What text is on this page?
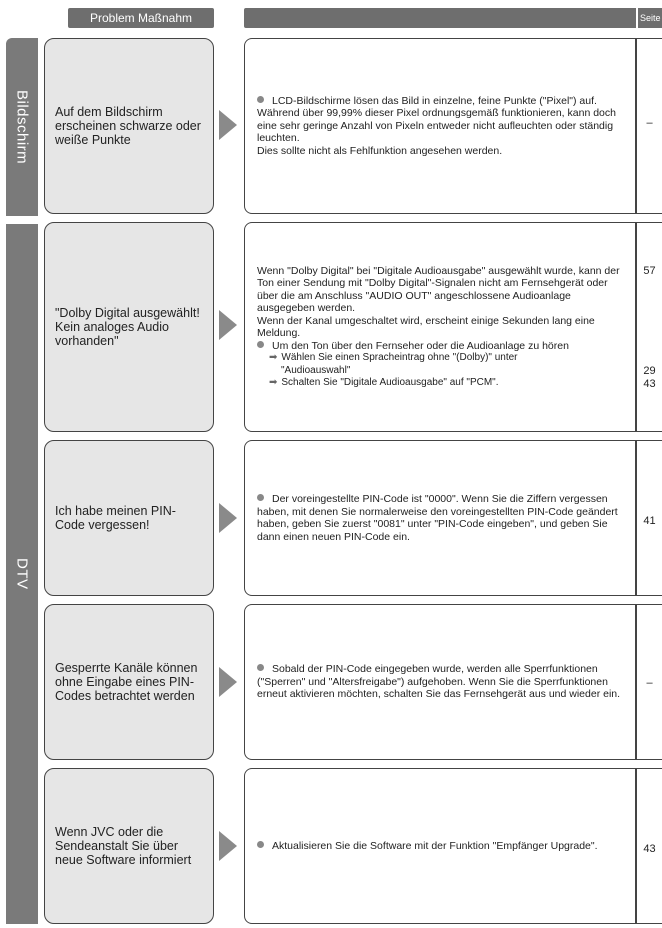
Problem Maßnahm	Seite
Bildschirm
DTV

Auf dem Bildschirm erscheinen schwarze oder weiße Punkte

LCD-Bildschirme lösen das Bild in einzelne, feine Punkte ("Pixel") auf.

Während über 99,99% dieser Pixel ordnungsgemäß funktionieren, kann doch eine sehr geringe Anzahl von Pixeln entweder nicht aufleuchten oder ständig leuchten.

Dies sollte nicht als Fehlfunktion angesehen werden.

–

"Dolby Digital ausgewählt! Kein analoges Audio vorhanden"

Wenn "Dolby Digital" bei "Digitale Audioausgabe" ausgewählt wurde, kann der Ton einer Sendung mit "Dolby Digital"-Signalen nicht am Fernsehgerät oder über die am Anschluss "AUDIO OUT" angeschlossene Audioanlage ausgegeben werden.

Wenn der Kanal umgeschaltet wird, erscheint einige Sekunden lang eine Meldung.

Um den Ton über den Fernseher oder die Audioanlage zu hören

➡ Wählen Sie einen Spracheintrag ohne "(Dolby)" unter

"Audioauswahl"

➡ Schalten Sie "Digitale Audioausgabe" auf "PCM".

57
29
43

Ich habe meinen PIN-Code vergessen!

Der voreingestellte PIN-Code ist "0000". Wenn Sie die Ziffern vergessen haben, mit denen Sie normalerweise den voreingestellten PIN-Code geändert haben, geben Sie zuerst "0081" unter "PIN-Code eingeben", und geben Sie dann einen neuen PIN-Code ein.

41

Gesperrte Kanäle können ohne Eingabe eines PIN-Codes betrachtet werden

Sobald der PIN-Code eingegeben wurde, werden alle Sperrfunktionen ("Sperren" und "Altersfreigabe") aufgehoben. Wenn Sie die Sperrfunktionen erneut aktivieren möchten, schalten Sie das Fernsehgerät aus und wieder ein.

–

Wenn JVC oder die Sendeanstalt Sie über neue Software informiert

Aktualisieren Sie die Software mit der Funktion "Empfänger Upgrade".	43
